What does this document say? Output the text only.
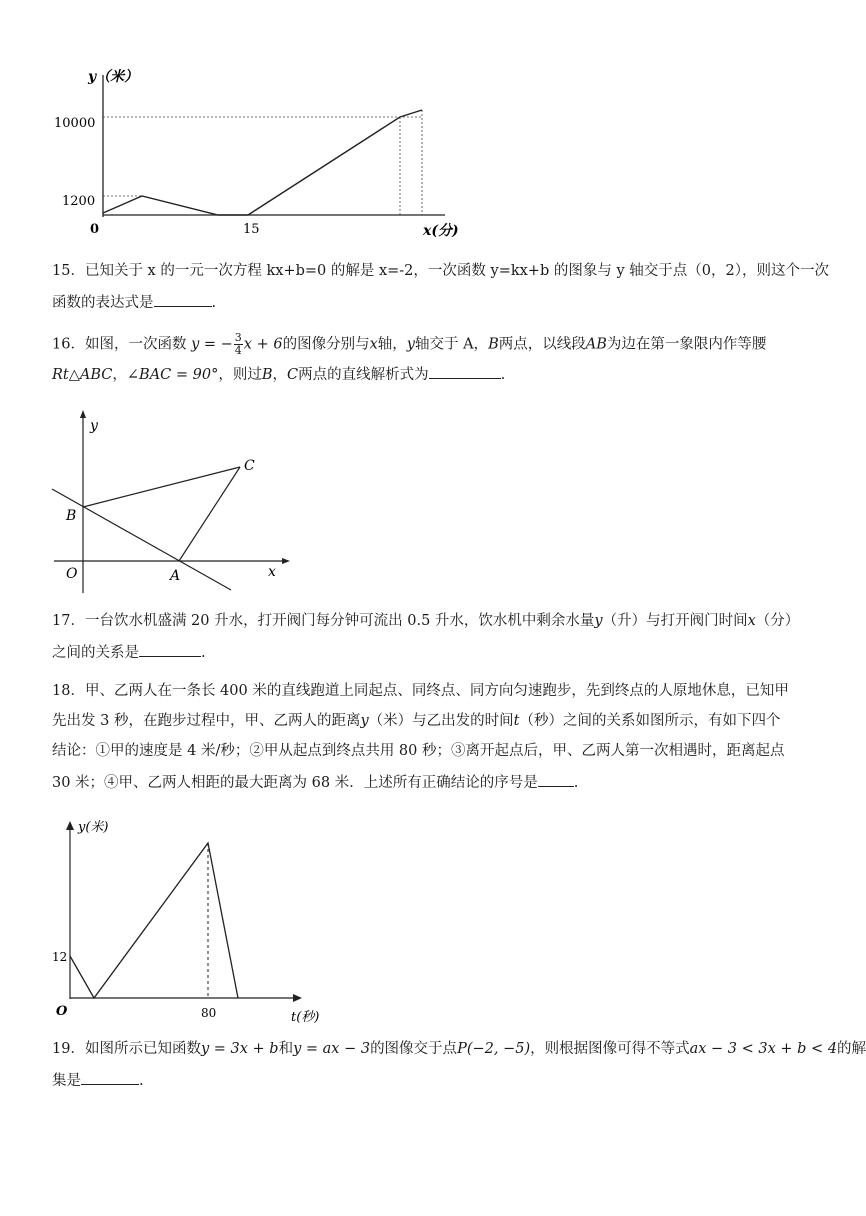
y（米）
10000
1200
0	15	x(分)
15．已知关于 x 的一元一次方程 kx+b=0 的解是 x=-2，一次函数 y=kx+b 的图象与 y 轴交于点（0，2），则这个一次
函数的表达式是	.
16．如图，一次函数 y = − $\frac{3}{4}$ x + 6的图像分别与x轴，y轴交于 A，B两点，以线段AB为边在第一象限内作等腰
Rt△ABC，∠BAC = 90°，则过B，C两点的直线解析式为	.
y
C
B
O	A	x
17．一台饮水机盛满 20 升水，打开阀门每分钟可流出 0.5 升水，饮水机中剩余水量y（升）与打开阀门时间x（分）
之间的关系是	.
18．甲、乙两人在一条长 400 米的直线跑道上同起点、同终点、同方向匀速跑步，先到终点的人原地休息，已知甲
先出发 3 秒，在跑步过程中，甲、乙两人的距离y（米）与乙出发的时间t（秒）之间的关系如图所示，有如下四个
结论：①甲的速度是 4 米/秒；②甲从起点到终点共用 80 秒；③离开起点后，甲、乙两人第一次相遇时，距离起点
30 米；④甲、乙两人相距的最大距离为 68 米．上述所有正确结论的序号是 .
y(米)
12
O	80	t(秒)
19．如图所示已知函数y = 3x + b和y = ax − 3的图像交于点P(−2, −5)，则根据图像可得不等式ax − 3 < 3x + b < 4的解
集是	.
